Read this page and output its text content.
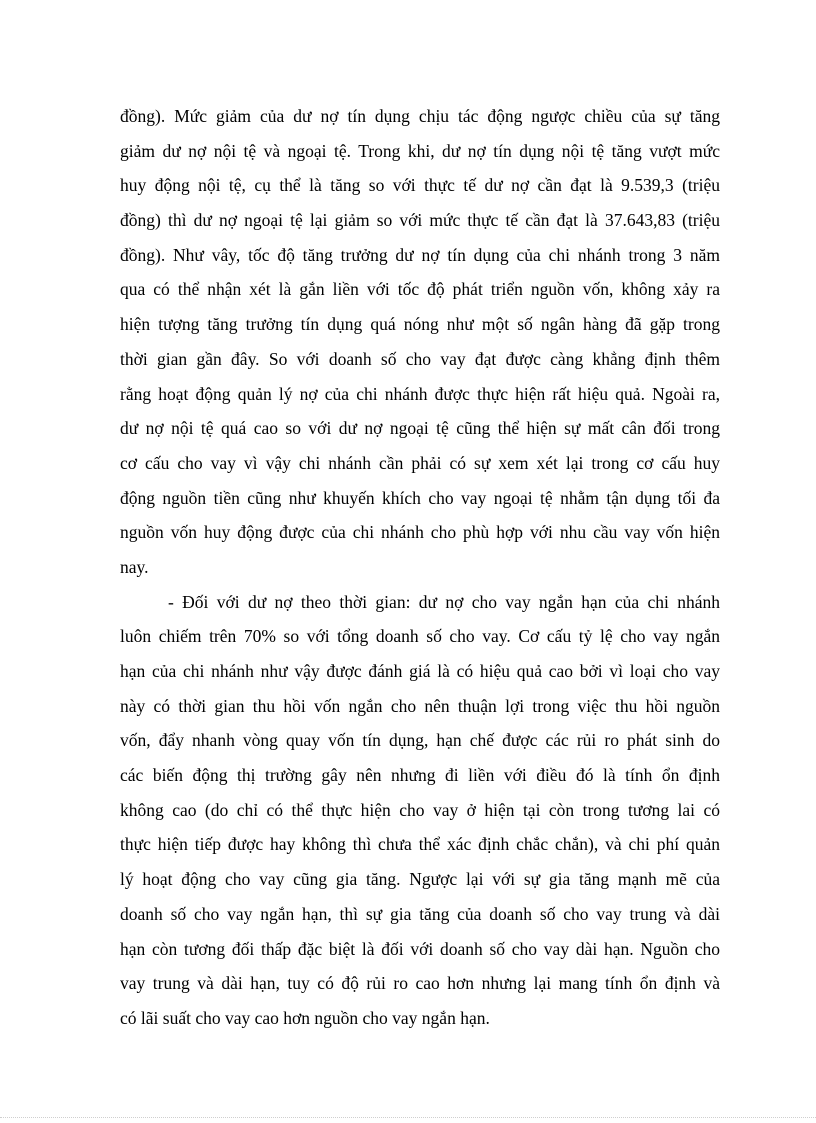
đồng). Mức giảm của dư nợ tín dụng chịu tác động ngược chiều của sự tăng
giảm dư nợ nội tệ và ngoại tệ. Trong khi, dư nợ tín dụng nội tệ tăng vượt mức
huy động nội tệ, cụ thể là tăng so với thực tế dư nợ cần đạt là 9.539,3 (triệu
đồng) thì dư nợ ngoại tệ lại giảm so với mức thực tế cần đạt là 37.643,83 (triệu
đồng). Như vây, tốc độ tăng trưởng dư nợ tín dụng của chi nhánh trong 3 năm
qua có thể nhận xét là gắn liền với tốc độ phát triển nguồn vốn, không xảy ra
hiện tượng tăng trưởng tín dụng quá nóng như một số ngân hàng đã gặp trong
thời gian gần đây. So với doanh số cho vay đạt được càng khẳng định thêm
rằng hoạt động quản lý nợ của chi nhánh được thực hiện rất hiệu quả. Ngoài ra,
dư nợ nội tệ quá cao so với dư nợ ngoại tệ cũng thể hiện sự mất cân đối trong
cơ cấu cho vay vì vậy chi nhánh cần phải có sự xem xét lại trong cơ cấu huy
động nguồn tiền cũng như khuyến khích cho vay ngoại tệ nhằm tận dụng tối đa
nguồn vốn huy động được của chi nhánh cho phù hợp với nhu cầu vay vốn hiện
nay.
- Đối với dư nợ theo thời gian: dư nợ cho vay ngắn hạn của chi nhánh
luôn chiếm trên 70% so với tổng doanh số cho vay. Cơ cấu tỷ lệ cho vay ngắn
hạn của chi nhánh như vậy được đánh giá là có hiệu quả cao bởi vì loại cho vay
này có thời gian thu hồi vốn ngắn cho nên thuận lợi trong việc thu hồi nguồn
vốn, đẩy nhanh vòng quay vốn tín dụng, hạn chế được các rủi ro phát sinh do
các biến động thị trường gây nên nhưng đi liền với điều đó là tính ổn định
không cao (do chỉ có thể thực hiện cho vay ở hiện tại còn trong tương lai có
thực hiện tiếp được hay không thì chưa thể xác định chắc chắn), và chi phí quản
lý hoạt động cho vay cũng gia tăng. Ngược lại với sự gia tăng mạnh mẽ của
doanh số cho vay ngắn hạn, thì sự gia tăng của doanh số cho vay trung và dài
hạn còn tương đối thấp đặc biệt là đối với doanh số cho vay dài hạn. Nguồn cho
vay trung và dài hạn, tuy có độ rủi ro cao hơn nhưng lại mang tính ổn định và
có lãi suất cho vay cao hơn nguồn cho vay ngắn hạn.
